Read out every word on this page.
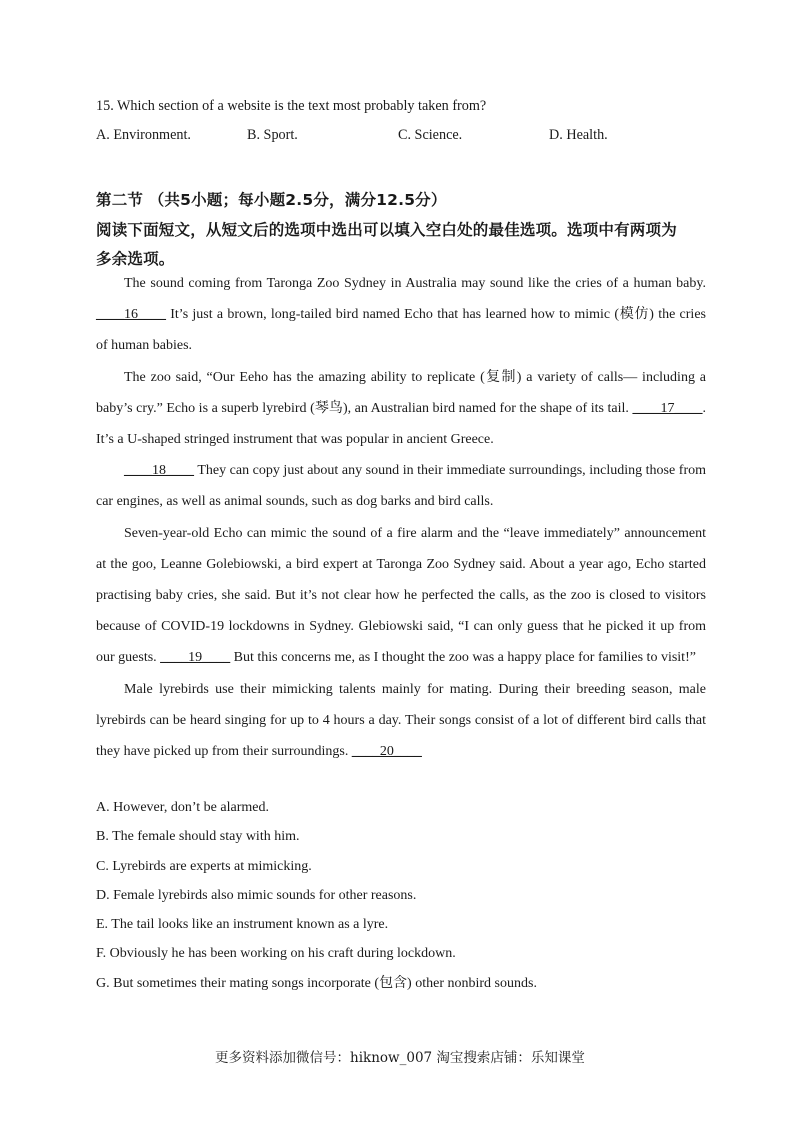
15. Which section of a website is the text most probably taken from?
A. Environment.	B. Sport.	C. Science.	D. Health.
第二节 （共5小题；每小题2.5分，满分12.5分）
阅读下面短文，从短文后的选项中选出可以填入空白处的最佳选项。选项中有两项为
多余选项。

The sound coming from Taronga Zoo Sydney in Australia may sound like the cries of a human baby. ____16____ It’s just a brown, long-tailed bird named Echo that has learned how to mimic (模仿) the cries of human babies.

The zoo said, “Our Eeho has the amazing ability to replicate (复制) a variety of calls— including a baby’s cry.” Echo is a superb lyrebird (琴鸟), an Australian bird named for the shape of its tail. ____17____. It’s a U-shaped stringed instrument that was popular in ancient Greece.

____18____ They can copy just about any sound in their immediate surroundings, including those from car engines, as well as animal sounds, such as dog barks and bird calls.

Seven-year-old Echo can mimic the sound of a fire alarm and the “leave immediately” announcement at the goo, Leanne Golebiowski, a bird expert at Taronga Zoo Sydney said. About a year ago, Echo started practising baby cries, she said. But it’s not clear how he perfected the calls, as the zoo is closed to visitors because of COVID-19 lockdowns in Sydney. Glebiowski said, “I can only guess that he picked it up from our guests. ____19____ But this concerns me, as I thought the zoo was a happy place for families to visit!”

Male lyrebirds use their mimicking talents mainly for mating. During their breeding season, male lyrebirds can be heard singing for up to 4 hours a day. Their songs consist of a lot of different bird calls that they have picked up from their surroundings. ____20____

A. However, don’t be alarmed.
B. The female should stay with him.
C. Lyrebirds are experts at mimicking.
D. Female lyrebirds also mimic sounds for other reasons.
E. The tail looks like an instrument known as a lyre.
F. Obviously he has been working on his craft during lockdown.
G. But sometimes their mating songs incorporate (包含) other nonbird sounds.
更多资料添加微信号：hiknow_007 淘宝搜索店铺：乐知课堂
